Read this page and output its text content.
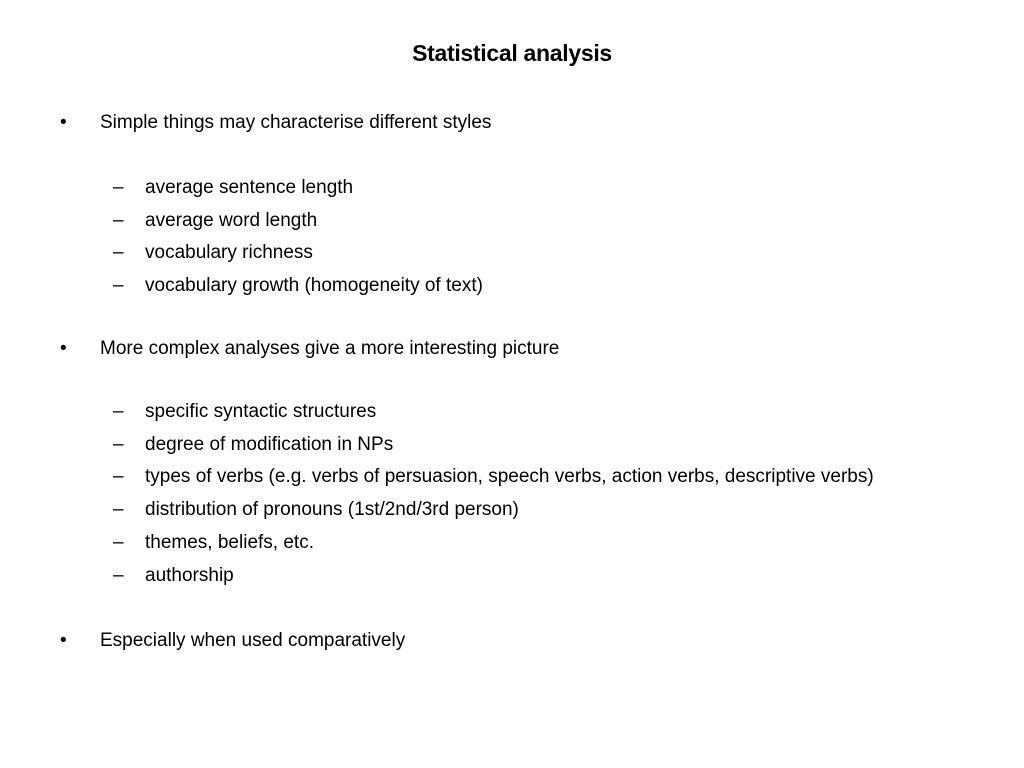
Statistical analysis
• Simple things may characterise different styles
– average sentence length
– average word length
– vocabulary richness
– vocabulary growth (homogeneity of text)
• More complex analyses give a more interesting picture
– specific syntactic structures
– degree of modification in NPs
– types of verbs (e.g. verbs of persuasion, speech verbs, action verbs, descriptive verbs)
– distribution of pronouns (1st/2nd/3rd person)
– themes, beliefs, etc.
– authorship
• Especially when used comparatively
